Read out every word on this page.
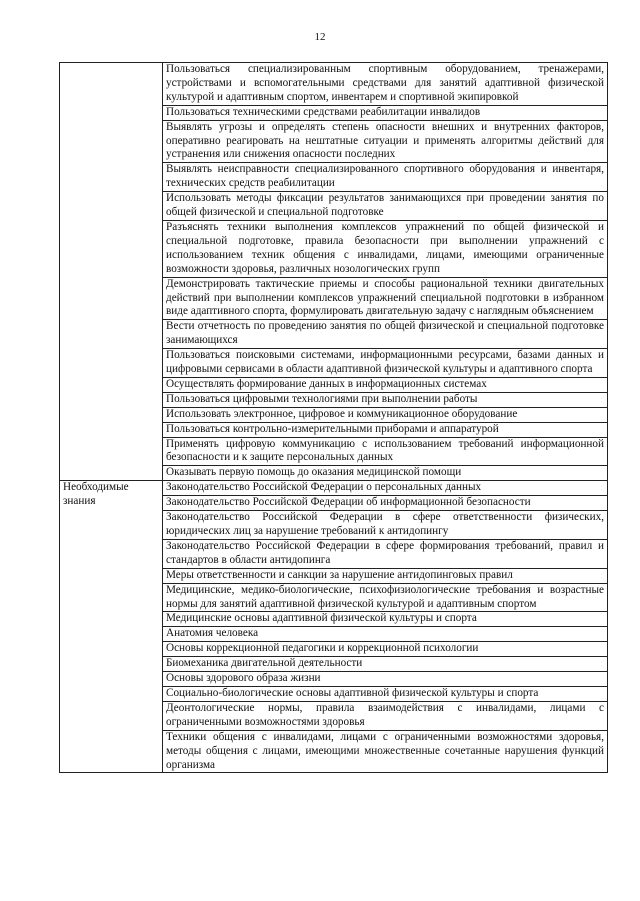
12
	Пользоваться специализированным спортивным оборудованием, тренажерами, устройствами и вспомогательными средствами для занятий адаптивной физической культурой и адаптивным спортом, инвентарем и спортивной экипировкой
	Пользоваться техническими средствами реабилитации инвалидов
	Выявлять угрозы и определять степень опасности внешних и внутренних факторов, оперативно реагировать на нештатные ситуации и применять алгоритмы действий для устранения или снижения опасности последних
	Выявлять неисправности специализированного спортивного оборудования и инвентаря, технических средств реабилитации
	Использовать методы фиксации результатов занимающихся при проведении занятия по общей физической и специальной подготовке
	Разъяснять техники выполнения комплексов упражнений по общей физической и специальной подготовке, правила безопасности при выполнении упражнений с использованием техник общения с инвалидами, лицами, имеющими ограниченные возможности здоровья, различных нозологических групп
	Демонстрировать тактические приемы и способы рациональной техники двигательных действий при выполнении комплексов упражнений специальной подготовки в избранном виде адаптивного спорта, формулировать двигательную задачу с наглядным объяснением
	Вести отчетность по проведению занятия по общей физической и специальной подготовке занимающихся
	Пользоваться поисковыми системами, информационными ресурсами, базами данных и цифровыми сервисами в области адаптивной физической культуры и адаптивного спорта
	Осуществлять формирование данных в информационных системах
	Пользоваться цифровыми технологиями при выполнении работы
	Использовать электронное, цифровое и коммуникационное оборудование
	Пользоваться контрольно-измерительными приборами и аппаратурой
	Применять цифровую коммуникацию с использованием требований информационной безопасности и к защите персональных данных
	Оказывать первую помощь до оказания медицинской помощи

Необходимые знания	Законодательство Российской Федерации о персональных данных
	Законодательство Российской Федерации об информационной безопасности
	Законодательство Российской Федерации в сфере ответственности физических, юридических лиц за нарушение требований к антидопингу
	Законодательство Российской Федерации в сфере формирования требований, правил и стандартов в области антидопинга
	Меры ответственности и санкции за нарушение антидопинговых правил
	Медицинские, медико-биологические, психофизиологические требования и возрастные нормы для занятий адаптивной физической культурой и адаптивным спортом
	Медицинские основы адаптивной физической культуры и спорта
	Анатомия человека
	Основы коррекционной педагогики и коррекционной психологии
	Биомеханика двигательной деятельности
	Основы здорового образа жизни
	Социально-биологические основы адаптивной физической культуры и спорта
	Деонтологические нормы, правила взаимодействия с инвалидами, лицами с ограниченными возможностями здоровья
	Техники общения с инвалидами, лицами с ограниченными возможностями здоровья, методы общения с лицами, имеющими множественные сочетанные нарушения функций организма
